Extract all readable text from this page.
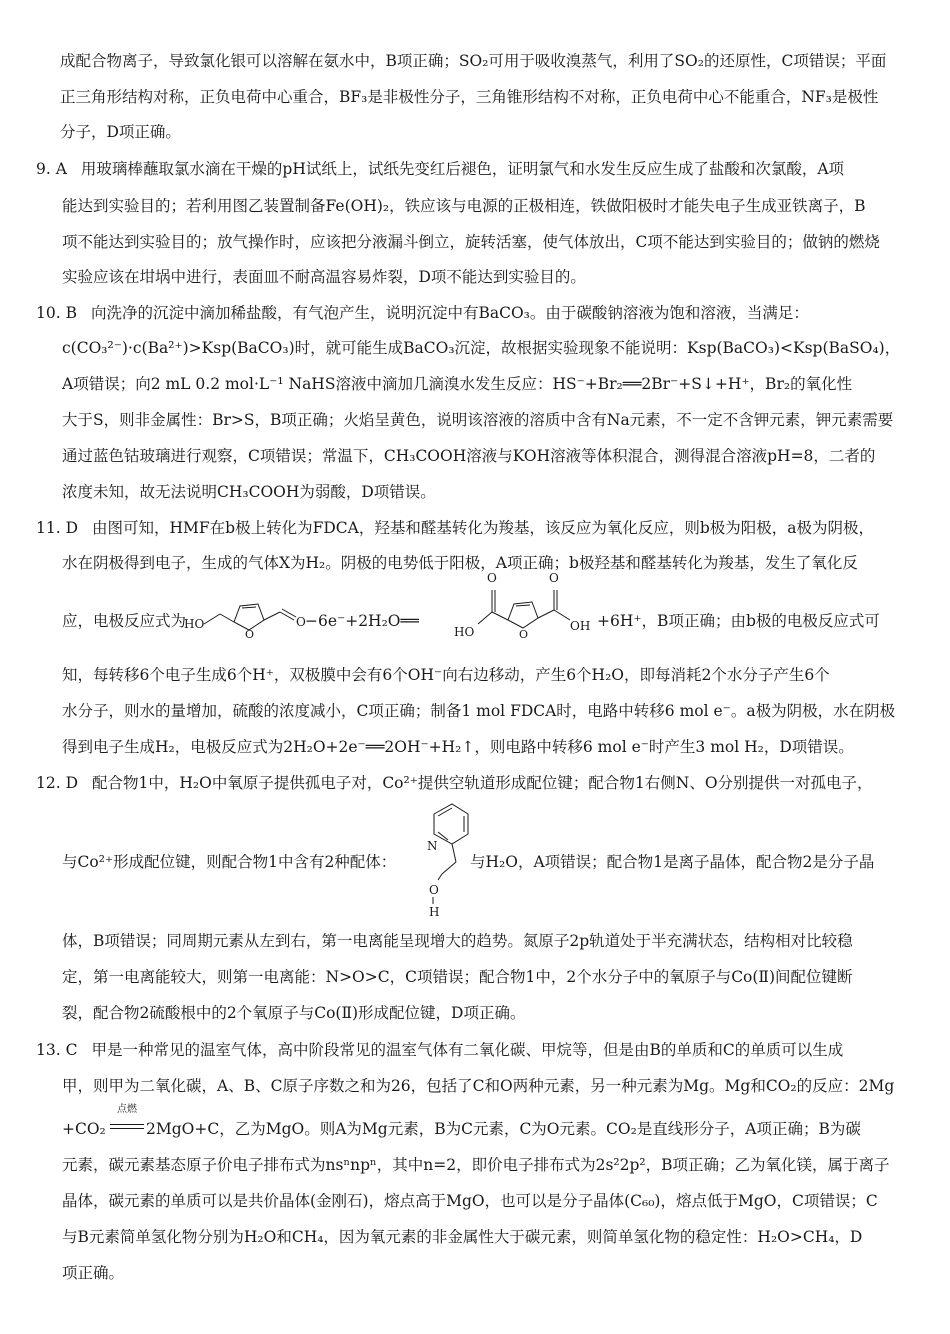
成配合物离子，导致氯化银可以溶解在氨水中，B项正确；SO₂可用于吸收溴蒸气，利用了SO₂的还原性，C项错误；平面
正三角形结构对称，正负电荷中心重合，BF₃是非极性分子，三角锥形结构不对称，正负电荷中心不能重合，NF₃是极性
分子，D项正确。
9. A 用玻璃棒蘸取氯水滴在干燥的pH试纸上，试纸先变红后褪色，证明氯气和水发生反应生成了盐酸和次氯酸，A项
能达到实验目的；若利用图乙装置制备Fe(OH)₂，铁应该与电源的正极相连，铁做阳极时才能失电子生成亚铁离子，B
项不能达到实验目的；放气操作时，应该把分液漏斗倒立，旋转活塞，使气体放出，C项不能达到实验目的；做钠的燃烧
实验应该在坩埚中进行，表面皿不耐高温容易炸裂，D项不能达到实验目的。
10. B 向洗净的沉淀中滴加稀盐酸，有气泡产生，说明沉淀中有BaCO₃。由于碳酸钠溶液为饱和溶液，当满足：
c(CO₃²⁻)·c(Ba²⁺)>Ksp(BaCO₃)时，就可能生成BaCO₃沉淀，故根据实验现象不能说明：Ksp(BaCO₃)<Ksp(BaSO₄)，
A项错误；向2 mL 0.2 mol·L⁻¹ NaHS溶液中滴加几滴溴水发生反应：HS⁻+Br₂══2Br⁻+S↓+H⁺，Br₂的氧化性
大于S，则非金属性：Br>S，B项正确；火焰呈黄色，说明该溶液的溶质中含有Na元素，不一定不含钾元素，钾元素需要
通过蓝色钴玻璃进行观察，C项错误；常温下，CH₃COOH溶液与KOH溶液等体积混合，测得混合溶液pH=8，二者的
浓度未知，故无法说明CH₃COOH为弱酸，D项错误。
11. D 由图可知，HMF在b极上转化为FDCA，羟基和醛基转化为羧基，该反应为氧化反应，则b极为阳极，a极为阴极，
水在阴极得到电子，生成的气体X为H₂。阴极的电势低于阳极，A项正确；b极羟基和醛基转化为羧基，发生了氧化反
应，电极反应式为
HO
O
O −6e⁻+2H₂O══
HO
O
O
O
OH +6H⁺，B项正确；由b极的电极反应式可
知，每转移6个电子生成6个H⁺，双极膜中会有6个OH⁻向右边移动，产生6个H₂O，即每消耗2个水分子产生6个
水分子，则水的量增加，硫酸的浓度减小，C项正确；制备1 mol FDCA时，电路中转移6 mol e⁻。a极为阴极，水在阴极
得到电子生成H₂，电极反应式为2H₂O+2e⁻══2OH⁻+H₂↑，则电路中转移6 mol e⁻时产生3 mol H₂，D项错误。
12. D 配合物1中，H₂O中氧原子提供孤电子对，Co²⁺提供空轨道形成配位键；配合物1右侧N、O分别提供一对孤电子，
与Co²⁺形成配位键，则配合物1中含有2种配体：
N
O
H
与H₂O，A项错误；配合物1是离子晶体，配合物2是分子晶
体，B项错误；同周期元素从左到右，第一电离能呈现增大的趋势。氮原子2p轨道处于半充满状态，结构相对比较稳
定，第一电离能较大，则第一电离能：N>O>C，C项错误；配合物1中，2个水分子中的氧原子与Co(Ⅱ)间配位键断
裂，配合物2硫酸根中的2个氧原子与Co(Ⅱ)形成配位键，D项正确。
13. C 甲是一种常见的温室气体，高中阶段常见的温室气体有二氧化碳、甲烷等，但是由B的单质和C的单质可以生成
甲，则甲为二氧化碳，A、B、C原子序数之和为26，包括了C和O两种元素，另一种元素为Mg。Mg和CO₂的反应：2Mg
+CO₂
点燃
2MgO+C，乙为MgO。则A为Mg元素，B为C元素，C为O元素。CO₂是直线形分子，A项正确；B为碳
元素，碳元素基态原子价电子排布式为nsⁿnpⁿ，其中n=2，即价电子排布式为2s²2p²，B项正确；乙为氧化镁，属于离子
晶体，碳元素的单质可以是共价晶体(金刚石)，熔点高于MgO，也可以是分子晶体(C₆₀)，熔点低于MgO，C项错误；C
与B元素简单氢化物分别为H₂O和CH₄，因为氧元素的非金属性大于碳元素，则简单氢化物的稳定性：H₂O>CH₄，D
项正确。
